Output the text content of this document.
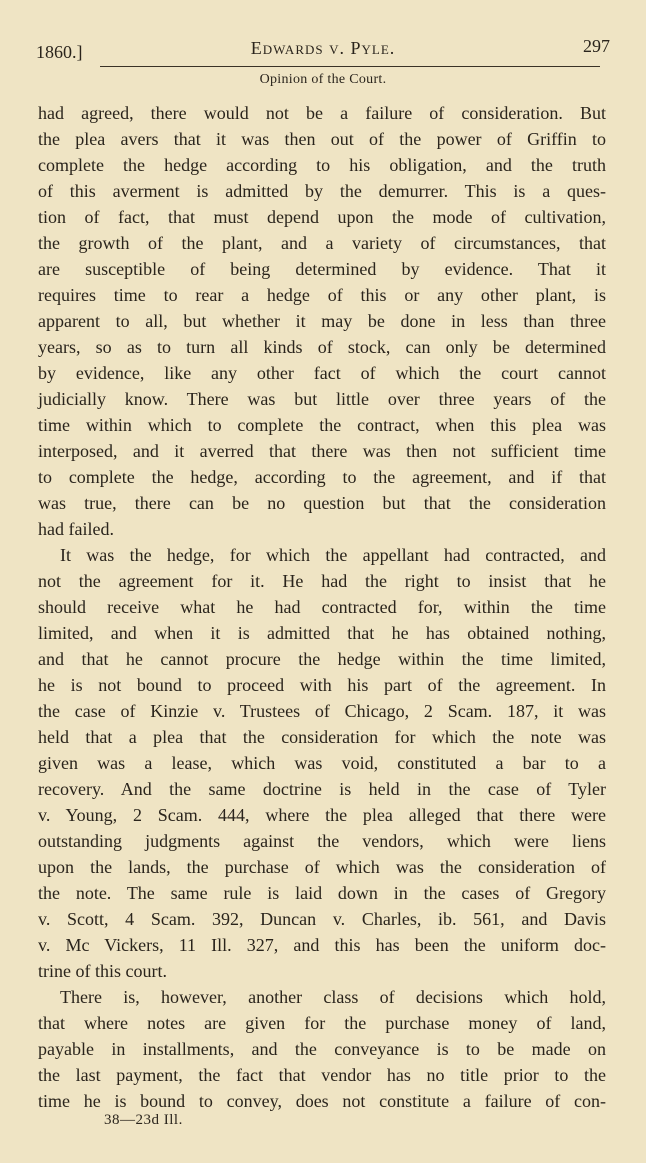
1860.]	Edwards v. Pyle.	297
Opinion of the Court.
had agreed, there would not be a failure of consideration. But
the plea avers that it was then out of the power of Griffin to
complete the hedge according to his obligation, and the truth
of this averment is admitted by the demurrer. This is a ques-
tion of fact, that must depend upon the mode of cultivation,
the growth of the plant, and a variety of circumstances, that
are susceptible of being determined by evidence. That it
requires time to rear a hedge of this or any other plant, is
apparent to all, but whether it may be done in less than three
years, so as to turn all kinds of stock, can only be determined
by evidence, like any other fact of which the court cannot
judicially know. There was but little over three years of the
time within which to complete the contract, when this plea was
interposed, and it averred that there was then not sufficient time
to complete the hedge, according to the agreement, and if that
was true, there can be no question but that the consideration
had failed.
It was the hedge, for which the appellant had contracted, and
not the agreement for it. He had the right to insist that he
should receive what he had contracted for, within the time
limited, and when it is admitted that he has obtained nothing,
and that he cannot procure the hedge within the time limited,
he is not bound to proceed with his part of the agreement. In
the case of Kinzie v. Trustees of Chicago, 2 Scam. 187, it was
held that a plea that the consideration for which the note was
given was a lease, which was void, constituted a bar to a
recovery. And the same doctrine is held in the case of Tyler
v. Young, 2 Scam. 444, where the plea alleged that there were
outstanding judgments against the vendors, which were liens
upon the lands, the purchase of which was the consideration of
the note. The same rule is laid down in the cases of Gregory
v. Scott, 4 Scam. 392, Duncan v. Charles, ib. 561, and Davis
v. Mc Vickers, 11 Ill. 327, and this has been the uniform doc-
trine of this court.
There is, however, another class of decisions which hold,
that where notes are given for the purchase money of land,
payable in installments, and the conveyance is to be made on
the last payment, the fact that vendor has no title prior to the
time he is bound to convey, does not constitute a failure of con-
38—23d Ill.
